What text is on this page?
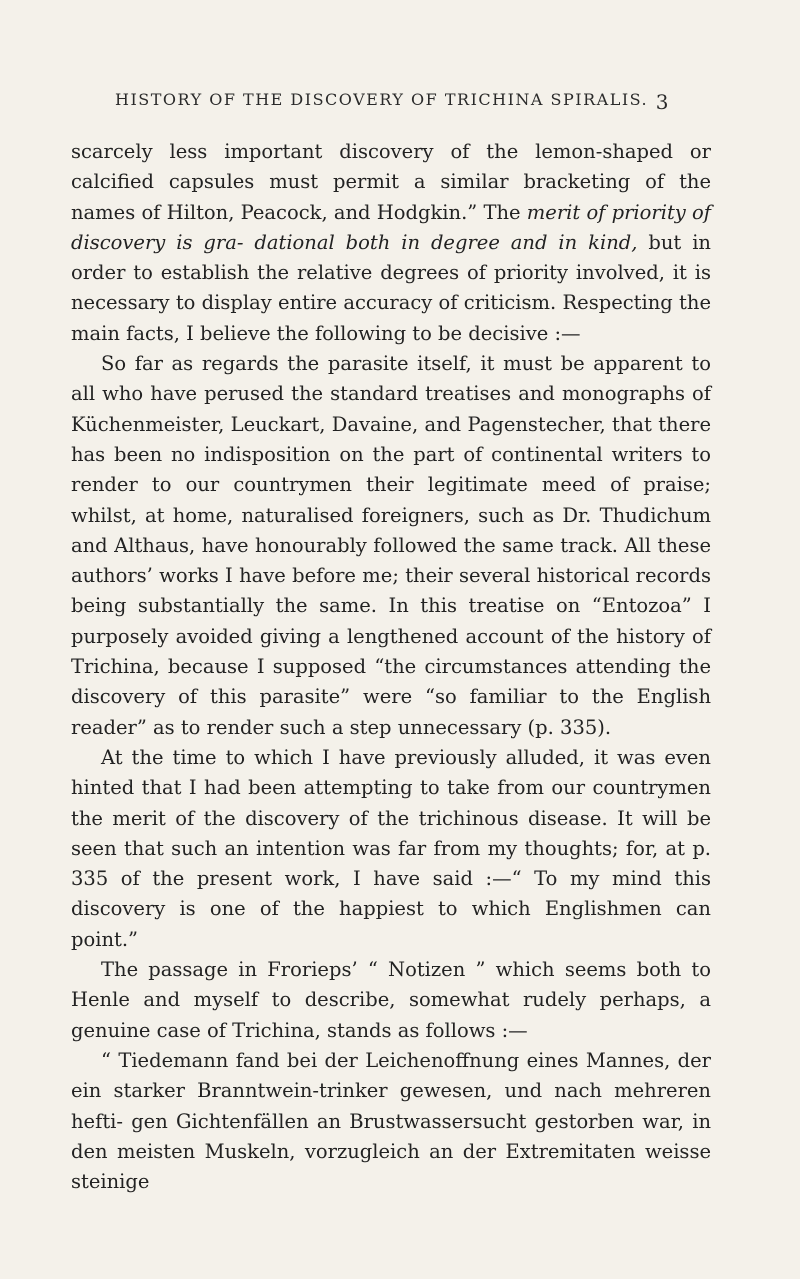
HISTORY OF THE DISCOVERY OF TRICHINA SPIRALIS. 3

scarcely less important discovery of the lemon-shaped or calcified capsules must permit a similar bracketing of the names of Hilton, Peacock, and Hodgkin.” The merit of priority of discovery is gra- dational both in degree and in kind, but in order to establish the relative degrees of priority involved, it is necessary to display entire accuracy of criticism. Respecting the main facts, I believe the following to be decisive :—

So far as regards the parasite itself, it must be apparent to all who have perused the standard treatises and monographs of Küchenmeister, Leuckart, Davaine, and Pagenstecher, that there has been no indisposition on the part of continental writers to render to our countrymen their legitimate meed of praise; whilst, at home, naturalised foreigners, such as Dr. Thudichum and Althaus, have honourably followed the same track. All these authors’ works I have before me; their several historical records being substantially the same. In this treatise on “Entozoa” I purposely avoided giving a lengthened account of the history of Trichina, because I supposed “the circumstances attending the discovery of this parasite” were “so familiar to the English reader” as to render such a step unnecessary (p. 335).

At the time to which I have previously alluded, it was even hinted that I had been attempting to take from our countrymen the merit of the discovery of the trichinous disease. It will be seen that such an intention was far from my thoughts; for, at p. 335 of the present work, I have said :—“ To my mind this discovery is one of the happiest to which Englishmen can point.”

The passage in Frorieps’ “ Notizen ” which seems both to Henle and myself to describe, somewhat rudely perhaps, a genuine case of Trichina, stands as follows :—

“ Tiedemann fand bei der Leichenoffnung eines Mannes, der ein starker Branntwein-trinker gewesen, und nach mehreren hefti- gen Gichtenfällen an Brustwassersucht gestorben war, in den meisten Muskeln, vorzugleich an der Extremitaten weisse steinige
